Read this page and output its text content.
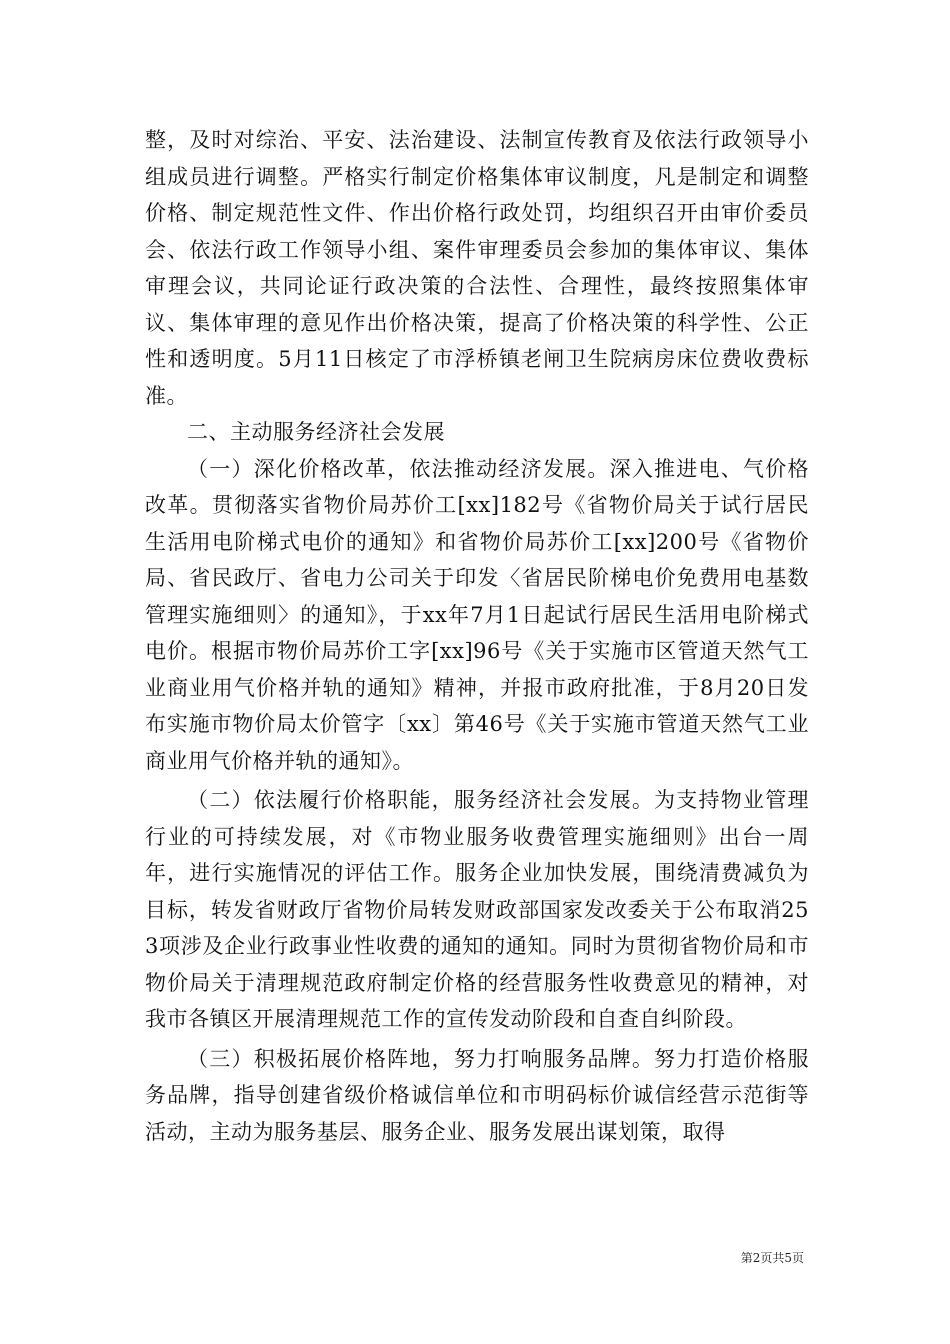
整，及时对综治、平安、法治建设、法制宣传教育及依法行政领导小组成员进行调整。严格实行制定价格集体审议制度，凡是制定和调整价格、制定规范性文件、作出价格行政处罚，均组织召开由审价委员会、依法行政工作领导小组、案件审理委员会参加的集体审议、集体审理会议，共同论证行政决策的合法性、合理性，最终按照集体审议、集体审理的意见作出价格决策，提高了价格决策的科学性、公正性和透明度。5月11日核定了市浮桥镇老闸卫生院病房床位费收费标准。

二、主动服务经济社会发展

（一）深化价格改革，依法推动经济发展。深入推进电、气价格改革。贯彻落实省物价局苏价工[xx]182号《省物价局关于试行居民生活用电阶梯式电价的通知》和省物价局苏价工[xx]200号《省物价局、省民政厅、省电力公司关于印发〈省居民阶梯电价免费用电基数管理实施细则〉的通知》，于xx年7月1日起试行居民生活用电阶梯式电价。根据市物价局苏价工字[xx]96号《关于实施市区管道天然气工业商业用气价格并轨的通知》精神，并报市政府批准，于8月20日发布实施市物价局太价管字〔xx〕第46号《关于实施市管道天然气工业商业用气价格并轨的通知》。

（二）依法履行价格职能，服务经济社会发展。为支持物业管理行业的可持续发展，对《市物业服务收费管理实施细则》出台一周年，进行实施情况的评估工作。服务企业加快发展，围绕清费减负为目标，转发省财政厅省物价局转发财政部国家发改委关于公布取消253项涉及企业行政事业性收费的通知的通知。同时为贯彻省物价局和市物价局关于清理规范政府制定价格的经营服务性收费意见的精神，对我市各镇区开展清理规范工作的宣传发动阶段和自查自纠阶段。

（三）积极拓展价格阵地，努力打响服务品牌。努力打造价格服务品牌，指导创建省级价格诚信单位和市明码标价诚信经营示范街等活动，主动为服务基层、服务企业、服务发展出谋划策，取得

第2页共5页
